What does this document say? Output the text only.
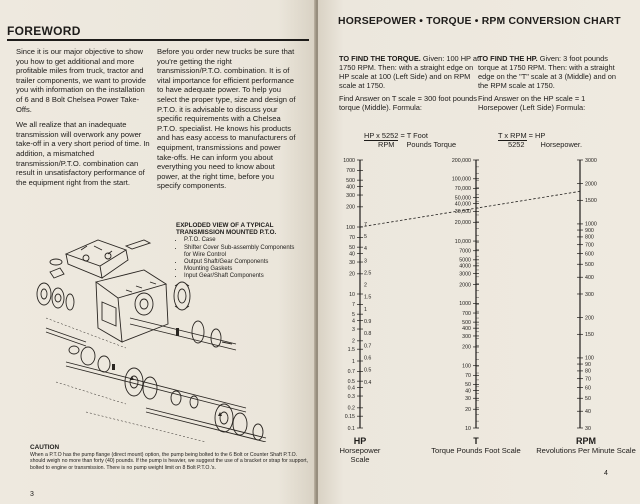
FOREWORD

Since it is our major objective to show you how to get additional and more profitable miles from truck, tractor and trailer components, we want to provide you with information on the installation of 6 and 8 Bolt Chelsea Power Take-Offs.

We all realize that an inadequate transmission will overwork any power take-off in a very short period of time. In addition, a mismatched transmission/P.T.O. combination can result in unsatisfactory performance of the equipment right from the start.

Before you order new trucks be sure that you're getting the right transmission/P.T.O. combination. It is of vital importance for efficient performance to have adequate power. To help you select the proper type, size and design of P.T.O. it is advisable to discuss your specific requirements with a Chelsea P.T.O. specialist. He knows his products and has easy access to manufacturers of equipment, transmissions and power take-offs. He can inform you about everything you need to know about power, at the right time, before you specify components.

EXPLODED VIEW OF A TYPICAL TRANSMISSION MOUNTED P.T.O.
• P.T.O. Case
• Shifter Cover Sub-assembly Components for Wire Control
• Output Shaft/Gear Components
• Mounting Gaskets
• Input Gear/Shaft Components
CAUTION
When a P.T.O has the pump flange (direct mount) option, the pump being bolted to the 6 Bolt or Counter Shaft P.T.O. should weigh no more than forty (40) pounds. If the pump is heavier, we suggest the use of a bracket or strap for support, bolted to engine or transmission. There is no pump weight limit on 8 Bolt P.T.O.'s.
3
HORSEPOWER • TORQUE • RPM CONVERSION CHART
TO FIND THE TORQUE. Given: 100 HP at 1750 RPM. Then: with a straight edge on HP scale at 100 (Left Side) and on RPM scale at 1750.
Find Answer on T scale = 300 foot pounds torque (Middle). Formula:
HP x 5252 = T Foot
RPM Pounds Torque
TO FIND THE HP. Given: 3 foot pounds torque at 1750 RPM. Then: with a straight edge on the "T" scale at 3 (Middle) and on the RPM scale at 1750.
Find Answer on the HP scale = 1 Horsepower (Left Side) Formula:
T x RPM = HP
5252 Horsepower.
1000
700
500
400
300
200
100
70
50
40
30
20
10
7
5
4
3
2
1.5
1
0.7
0.5
0.4
0.3
0.2
0.15
0.1
7
5
4
3
2.5
2
1.5
1
0.9
0.8
0.7
0.6
0.5
0.4
200,000
100,000
70,000
50,000
40,000
30,000
20,000
10,000
7000
5000
4000
3000
2000
1000
700
500
400
300
200
100
70
50
40
30
20
10	30
40
50
60
70
80
90
100
150
200
300
400
500
600
700
800
900
1000
1500
2000
3000
HP
Horsepower Scale
T
Torque Pounds Foot Scale
RPM
Revolutions Per Minute Scale
4
